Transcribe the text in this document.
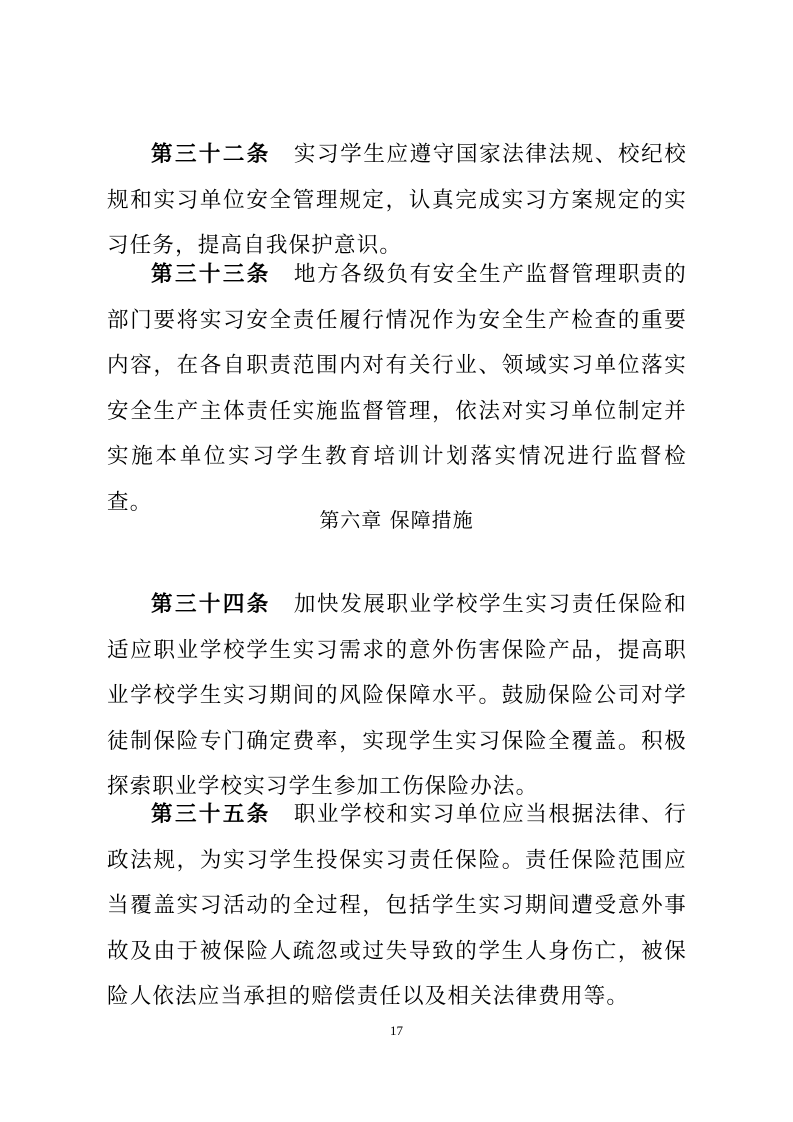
第三十二条  实习学生应遵守国家法律法规、校纪校规和实习单位安全管理规定，认真完成实习方案规定的实习任务，提高自我保护意识。

第三十三条  地方各级负有安全生产监督管理职责的部门要将实习安全责任履行情况作为安全生产检查的重要内容，在各自职责范围内对有关行业、领域实习单位落实安全生产主体责任实施监督管理，依法对实习单位制定并实施本单位实习学生教育培训计划落实情况进行监督检查。

第六章 保障措施

第三十四条  加快发展职业学校学生实习责任保险和适应职业学校学生实习需求的意外伤害保险产品，提高职业学校学生实习期间的风险保障水平。鼓励保险公司对学徒制保险专门确定费率，实现学生实习保险全覆盖。积极探索职业学校实习学生参加工伤保险办法。

第三十五条  职业学校和实习单位应当根据法律、行政法规，为实习学生投保实习责任保险。责任保险范围应当覆盖实习活动的全过程，包括学生实习期间遭受意外事故及由于被保险人疏忽或过失导致的学生人身伤亡，被保险人依法应当承担的赔偿责任以及相关法律费用等。

17
